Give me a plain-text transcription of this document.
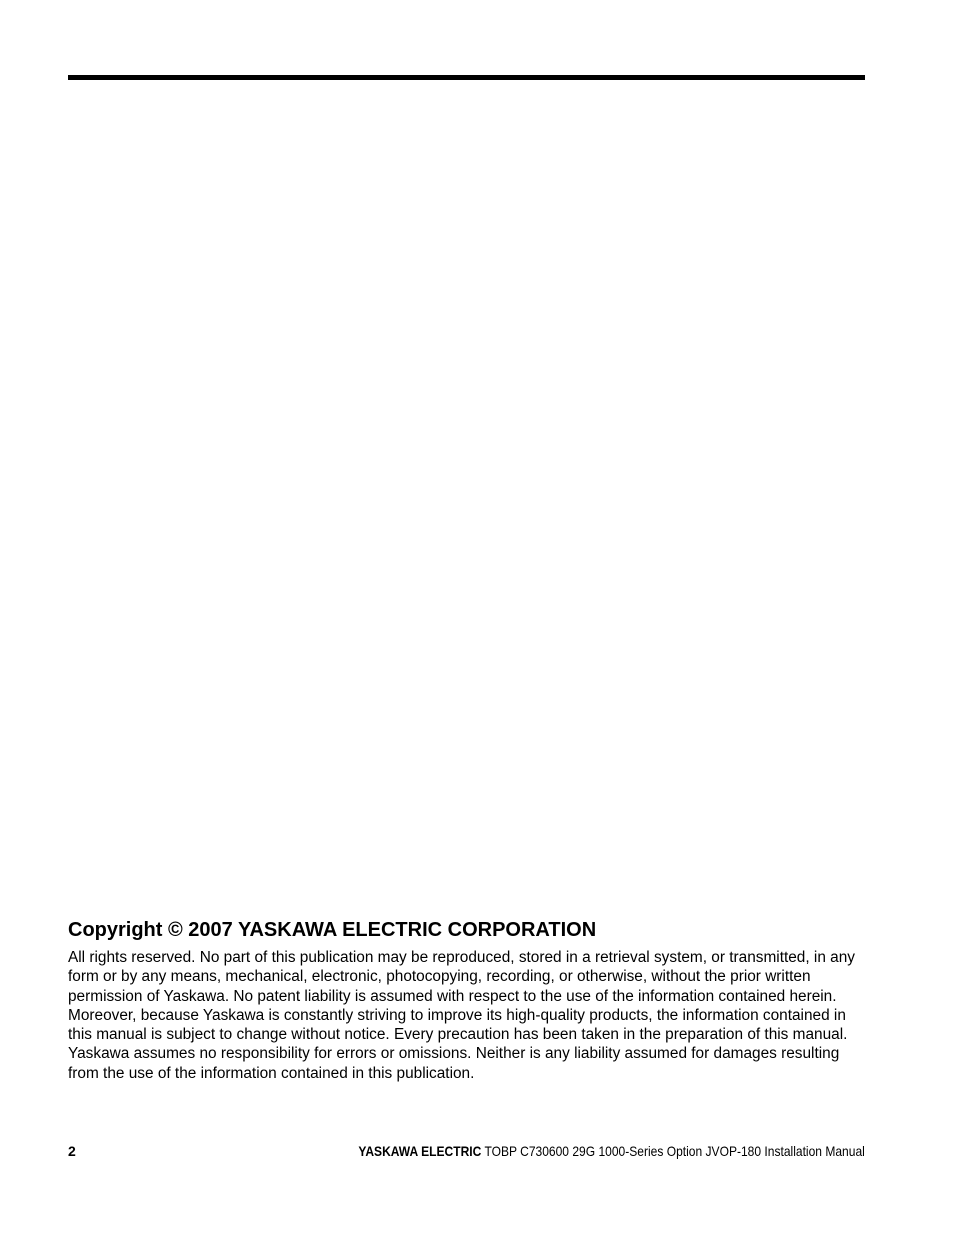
Copyright © 2007 YASKAWA ELECTRIC CORPORATION

All rights reserved. No part of this publication may be reproduced, stored in a retrieval system, or transmitted, in any form or by any means, mechanical, electronic, photocopying, recording, or otherwise, without the prior written permission of Yaskawa. No patent liability is assumed with respect to the use of the information contained herein. Moreover, because Yaskawa is constantly striving to improve its high-quality products, the information contained in this manual is subject to change without notice. Every precaution has been taken in the preparation of this manual. Yaskawa assumes no responsibility for errors or omissions. Neither is any liability assumed for damages resulting from the use of the information contained in this publication.

2	YASKAWA ELECTRIC TOBP C730600 29G 1000-Series Option JVOP-180 Installation Manual
